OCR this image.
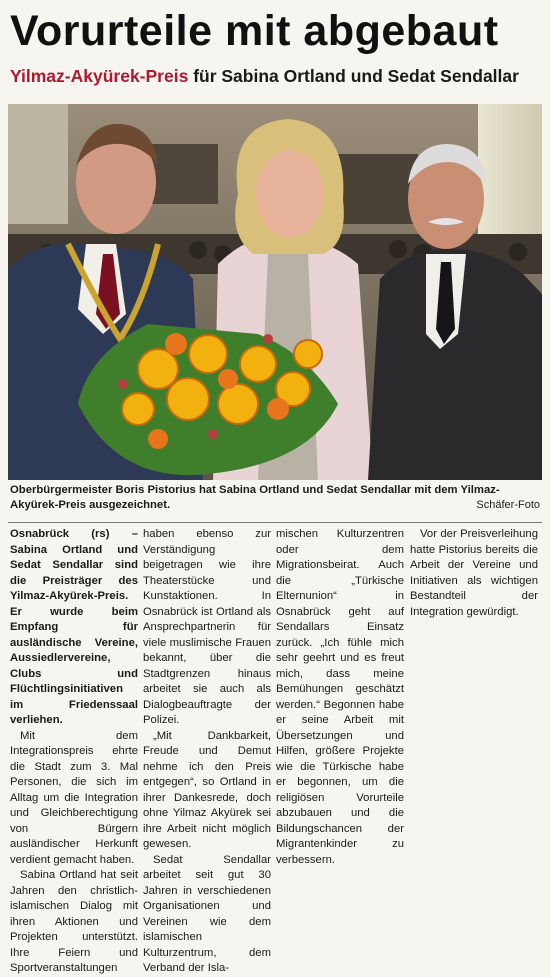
Vorurteile mit abgebaut
Yilmaz-Akyürek-Preis für Sabina Ortland und Sedat Sendallar
Oberbürgermeister Boris Pistorius hat Sabina Ortland und Sedat Sendallar mit dem Yilmaz-Akyürek-Preis ausgezeichnet.	Schäfer-Foto

Osnabrück (rs) – Sabina Ortland und Sedat Sendallar sind die Preisträger des Yilmaz-Akyürek-Preis. Er wurde beim Empfang für ausländische Vereine, Aussiedlervereine, Clubs und Flüchtlingsinitiativen im Friedenssaal verliehen.

Mit dem Integrationspreis ehrte die Stadt zum 3. Mal Personen, die sich im Alltag um die Integration und Gleichberechtigung von Bürgern ausländischer Herkunft verdient gemacht haben.

Sabina Ortland hat seit Jahren den christlich-islamischen Dialog mit ihren Aktionen und Projekten unterstützt. Ihre Feiern und Sportveranstaltungen

haben ebenso zur Verständigung beigetragen wie ihre Theaterstücke und Kunstaktionen. In Osnabrück ist Ortland als Ansprechpartnerin für viele muslimische Frauen bekannt, über die Stadtgrenzen hinaus arbeitet sie auch als Dialogbeauftragte der Polizei.

„Mit Dankbarkeit, Freude und Demut nehme ich den Preis entgegen“, so Ortland in ihrer Dankesrede, doch ohne Yilmaz Akyürek sei ihre Arbeit nicht möglich gewesen.

Sedat Sendallar arbeitet seit gut 30 Jahren in verschiedenen Organisationen und Vereinen wie dem islamischen Kulturzentrum, dem Verband der Isla-

mischen Kulturzentren oder dem Migrationsbeirat. Auch die „Türkische Elternunion“ in Osnabrück geht auf Sendallars Einsatz zurück. „Ich fühle mich sehr geehrt und es freut mich, dass meine Bemühungen geschätzt werden.“ Begonnen habe er seine Arbeit mit Übersetzungen und Hilfen, größere Projekte wie die Türkische habe er begonnen, um die religiösen Vorurteile abzubauen und die Bildungschancen der Migrantenkinder zu verbessern.

Vor der Preisverleihung hatte Pistorius bereits die Arbeit der Vereine und Initiativen als wichtigen Bestandteil der Integration gewürdigt.
